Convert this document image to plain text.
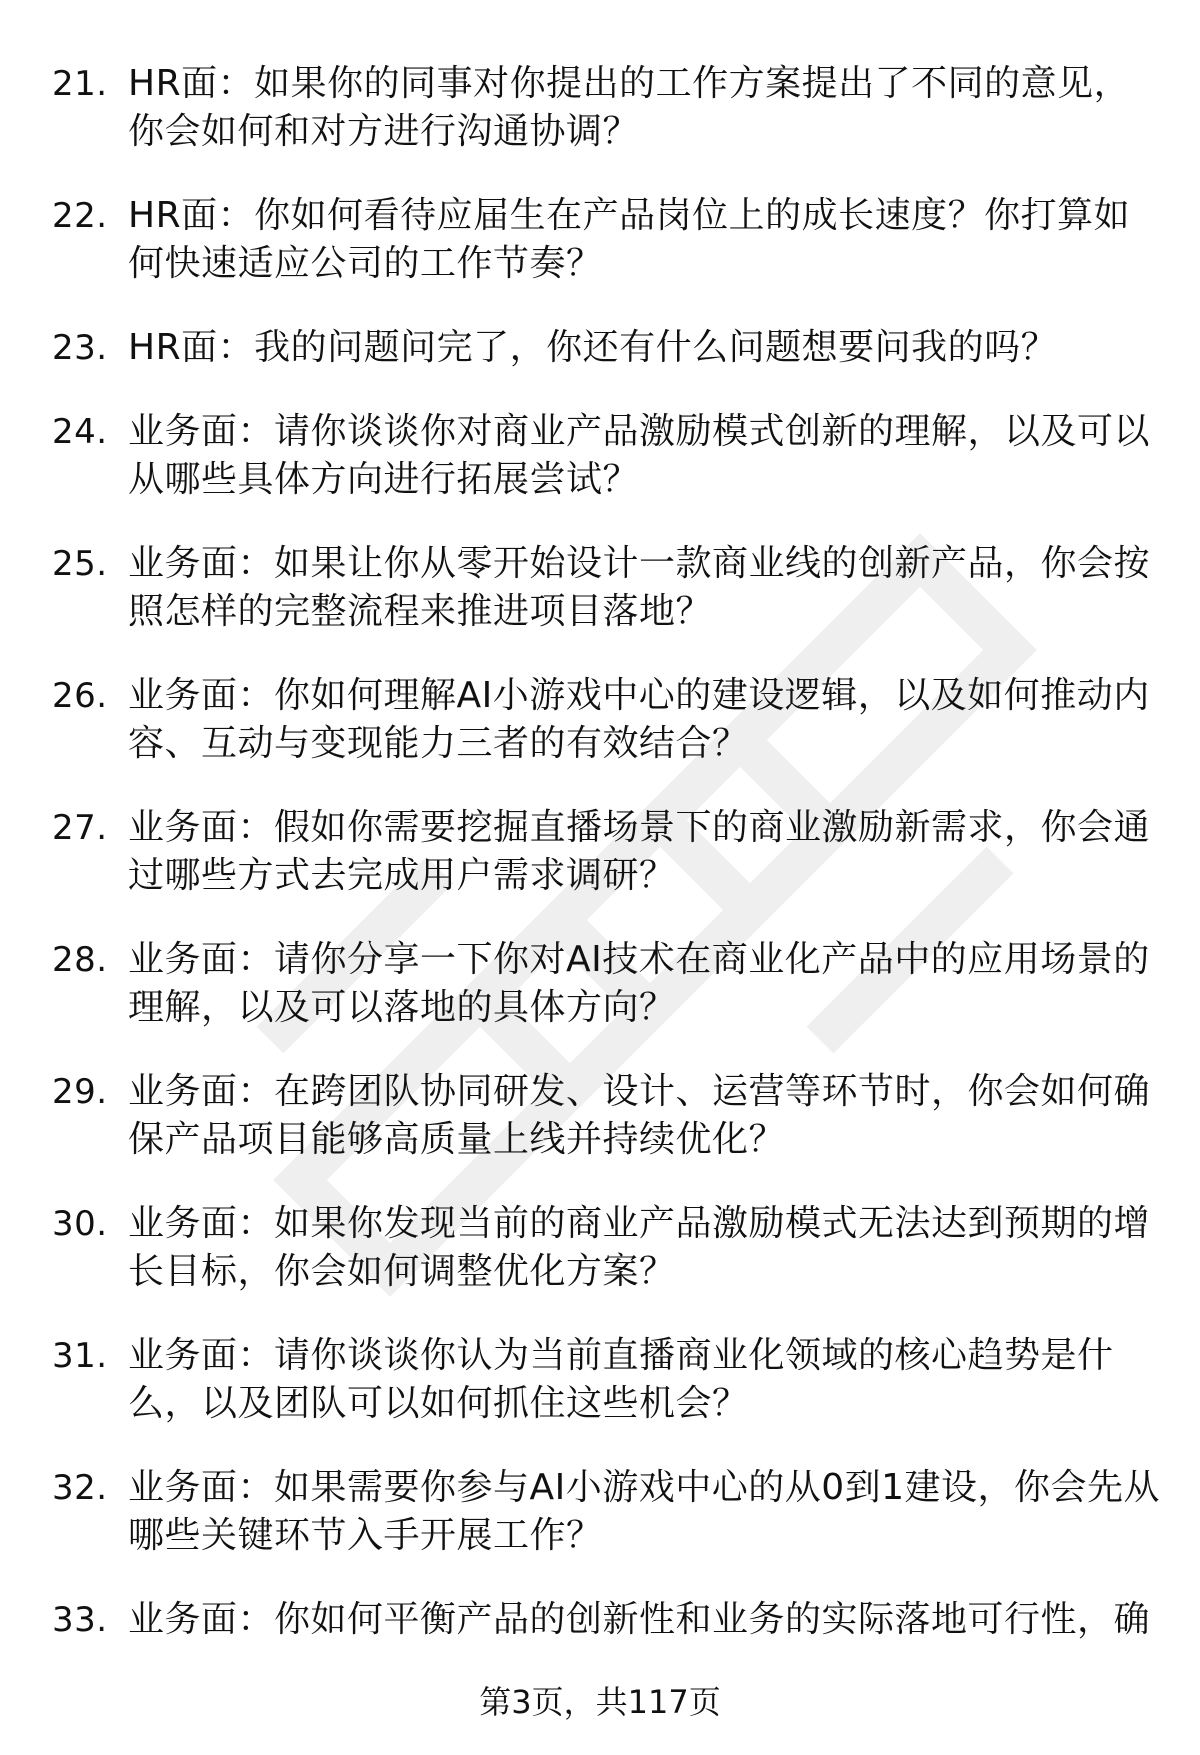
21. HR面：如果你的同事对你提出的工作方案提出了不同的意见，你会如何和对方进行沟通协调？
22. HR面：你如何看待应届生在产品岗位上的成长速度？你打算如何快速适应公司的工作节奏？
23. HR面：我的问题问完了，你还有什么问题想要问我的吗？
24. 业务面：请你谈谈你对商业产品激励模式创新的理解，以及可以从哪些具体方向进行拓展尝试？
25. 业务面：如果让你从零开始设计一款商业线的创新产品，你会按照怎样的完整流程来推进项目落地？
26. 业务面：你如何理解AI小游戏中心的建设逻辑，以及如何推动内容、互动与变现能力三者的有效结合？
27. 业务面：假如你需要挖掘直播场景下的商业激励新需求，你会通过哪些方式去完成用户需求调研？
28. 业务面：请你分享一下你对AI技术在商业化产品中的应用场景的理解，以及可以落地的具体方向？
29. 业务面：在跨团队协同研发、设计、运营等环节时，你会如何确保产品项目能够高质量上线并持续优化？
30. 业务面：如果你发现当前的商业产品激励模式无法达到预期的增长目标，你会如何调整优化方案？
31. 业务面：请你谈谈你认为当前直播商业化领域的核心趋势是什么，以及团队可以如何抓住这些机会？
32. 业务面：如果需要你参与AI小游戏中心的从0到1建设，你会先从哪些关键环节入手开展工作？
33. 业务面：你如何平衡产品的创新性和业务的实际落地可行性，确
第3页，共117页
